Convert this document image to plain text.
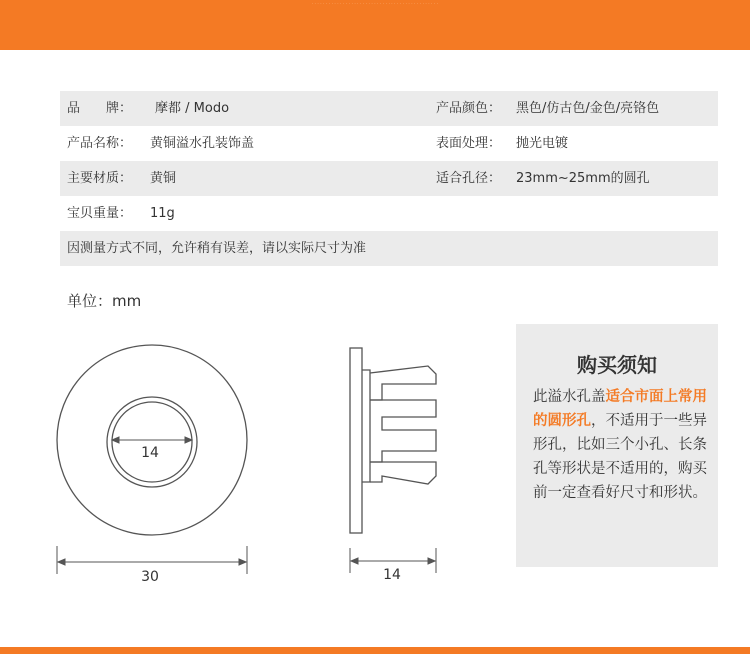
· · · · · · · · · · · · · · · · · · · · · · · · · · · · · · · · · · · · · · · · · · · · ·
品　　牌： 摩都 / Modo	产品颜色： 黑色/仿古色/金色/亮铬色
产品名称： 黄铜溢水孔装饰盖	表面处理： 抛光电镀
主要材质： 黄铜	适合孔径： 23mm~25mm的圆孔
宝贝重量： 11g
因测量方式不同，允许稍有误差，请以实际尺寸为准
单位：mm
14
30	14
购买须知
此溢水孔盖适合市面上常用的圆形孔，不适用于一些异形孔，比如三个小孔、长条孔等形状是不适用的，购买前一定查看好尺寸和形状。
